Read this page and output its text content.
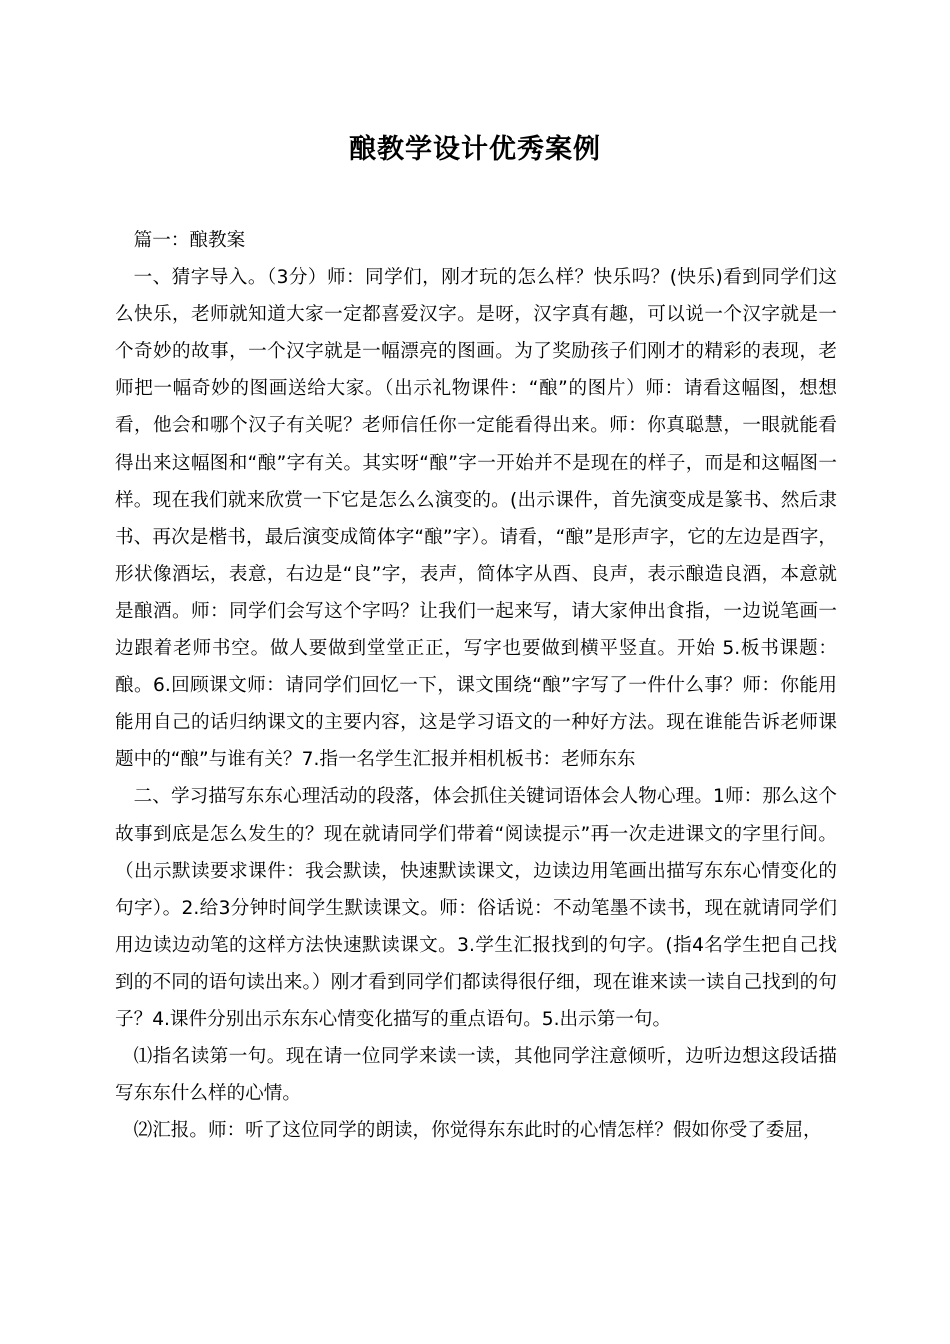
酿教学设计优秀案例

篇一：酿教案

一、猜字导入。（3分）师：同学们，刚才玩的怎么样？快乐吗？(快乐)看到同学们这么快乐，老师就知道大家一定都喜爱汉字。是呀，汉字真有趣，可以说一个汉字就是一个奇妙的故事，一个汉字就是一幅漂亮的图画。为了奖励孩子们刚才的精彩的表现，老师把一幅奇妙的图画送给大家。（出示礼物课件：“酿”的图片）师：请看这幅图，想想看，他会和哪个汉子有关呢？老师信任你一定能看得出来。师：你真聪慧，一眼就能看得出来这幅图和“酿”字有关。其实呀“酿”字一开始并不是现在的样子，而是和这幅图一样。现在我们就来欣赏一下它是怎么么演变的。(出示课件，首先演变成是篆书、然后隶书、再次是楷书，最后演变成简体字“酿”字）。请看，“酿”是形声字，它的左边是酉字，形状像酒坛，表意，右边是“良”字，表声，简体字从酉、良声，表示酿造良酒，本意就是酿酒。师：同学们会写这个字吗？让我们一起来写，请大家伸出食指，一边说笔画一边跟着老师书空。做人要做到堂堂正正，写字也要做到横平竖直。开始 5.板书课题：酿。6.回顾课文师：请同学们回忆一下，课文围绕“酿”字写了一件什么事？师：你能用能用自己的话归纳课文的主要内容，这是学习语文的一种好方法。现在谁能告诉老师课题中的“酿”与谁有关？7.指一名学生汇报并相机板书：老师东东

二、学习描写东东心理活动的段落，体会抓住关键词语体会人物心理。1师：那么这个故事到底是怎么发生的？现在就请同学们带着“阅读提示”再一次走进课文的字里行间。（出示默读要求课件：我会默读，快速默读课文，边读边用笔画出描写东东心情变化的句字）。2.给3分钟时间学生默读课文。师：俗话说：不动笔墨不读书，现在就请同学们用边读边动笔的这样方法快速默读课文。3.学生汇报找到的句字。(指4名学生把自己找到的不同的语句读出来。）刚才看到同学们都读得很仔细，现在谁来读一读自己找到的句子？4.课件分别出示东东心情变化描写的重点语句。5.出示第一句。

⑴指名读第一句。现在请一位同学来读一读，其他同学注意倾听，边听边想这段话描写东东什么样的心情。

⑵汇报。师：听了这位同学的朗读，你觉得东东此时的心情怎样？假如你受了委屈，
